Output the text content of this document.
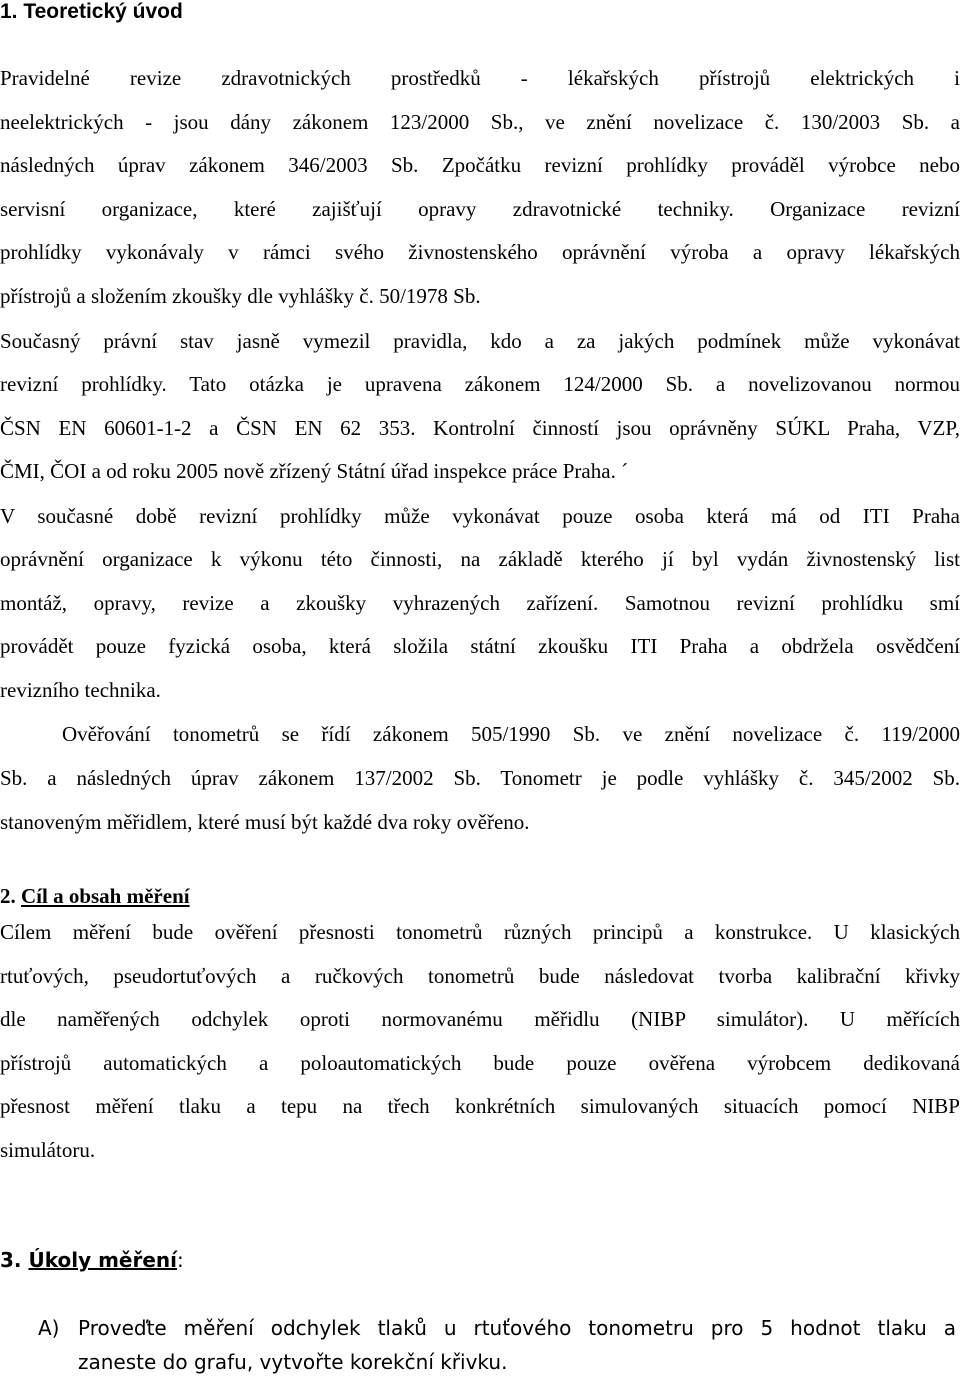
1. Teoretický úvod
Pravidelné revize zdravotnických prostředků - lékařských přístrojů elektrických i
neelektrických - jsou dány zákonem 123/2000 Sb., ve znění novelizace č. 130/2003 Sb. a
následných úprav zákonem 346/2003 Sb. Zpočátku revizní prohlídky prováděl výrobce nebo
servisní organizace, které zajišťují opravy zdravotnické techniky. Organizace revizní
prohlídky vykonávaly v rámci svého živnostenského oprávnění výroba a opravy lékařských
přístrojů a složením zkoušky dle vyhlášky č. 50/1978 Sb.
Současný právní stav jasně vymezil pravidla, kdo a za jakých podmínek může vykonávat
revizní prohlídky. Tato otázka je upravena zákonem 124/2000 Sb. a novelizovanou normou
ČSN EN 60601-1-2 a ČSN EN 62 353. Kontrolní činností jsou oprávněny SÚKL Praha, VZP,
ČMI, ČOI a od roku 2005 nově zřízený Státní úřad inspekce práce Praha. ´
V současné době revizní prohlídky může vykonávat pouze osoba která má od ITI Praha
oprávnění organizace k výkonu této činnosti, na základě kterého jí byl vydán živnostenský list
montáž, opravy, revize a zkoušky vyhrazených zařízení. Samotnou revizní prohlídku smí
provádět pouze fyzická osoba, která složila státní zkoušku ITI Praha a obdržela osvědčení
revizního technika.
Ověřování tonometrů se řídí zákonem 505/1990 Sb. ve znění novelizace č. 119/2000
Sb. a následných úprav zákonem 137/2002 Sb. Tonometr je podle vyhlášky č. 345/2002 Sb.
stanoveným měřidlem, které musí být každé dva roky ověřeno.
2. Cíl a obsah měření
Cílem měření bude ověření přesnosti tonometrů různých principů a konstrukce. U klasických
rtuťových, pseudortuťových a ručkových tonometrů bude následovat tvorba kalibrační křivky
dle naměřených odchylek oproti normovanému měřidlu (NIBP simulátor). U měřících
přístrojů automatických a poloautomatických bude pouze ověřena výrobcem dedikovaná
přesnost měření tlaku a tepu na třech konkrétních simulovaných situacích pomocí NIBP
simulátoru.
3. Úkoly měření:
A) Proveďte měření odchylek tlaků u rtuťového tonometru pro 5 hodnot tlaku a
zaneste do grafu, vytvořte korekční křivku.
